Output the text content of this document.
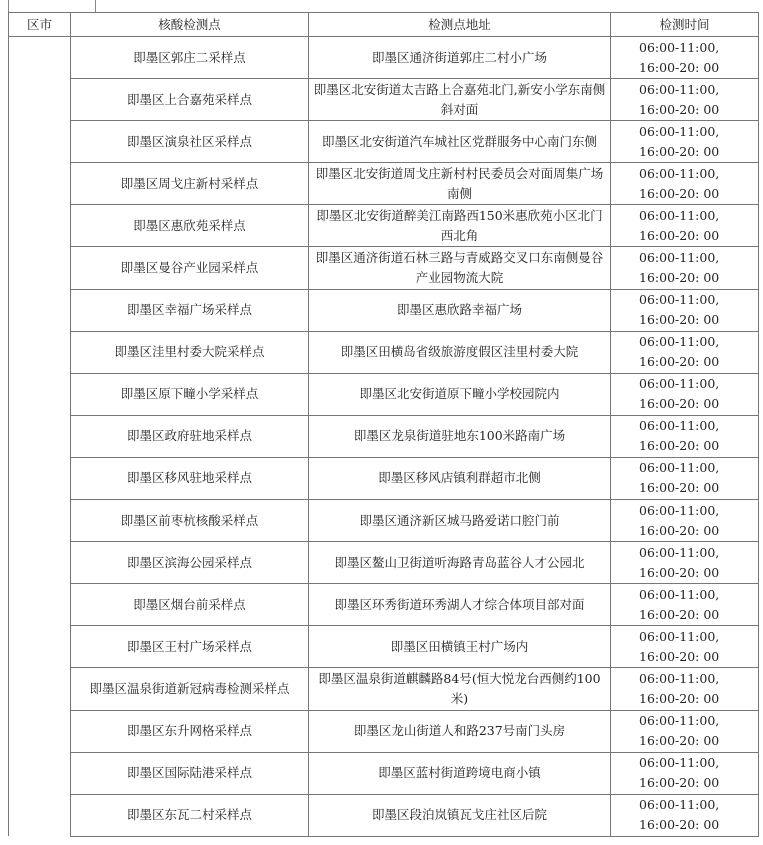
区市	核酸检测点	检测点地址	检测时间
	即墨区郭庄二采样点	即墨区通济街道郭庄二村小广场	06:00-11:00,
16:00-20: 00

	即墨区上合嘉苑采样点	即墨区北安街道太吉路上合嘉苑北门,新安小学东南侧斜对面	06:00-11:00,
16:00-20: 00

	即墨区演泉社区采样点	即墨区北安街道汽车城社区党群服务中心南门东侧	06:00-11:00,
16:00-20: 00

	即墨区周戈庄新村采样点	即墨区北安街道周戈庄新村村民委员会对面周集广场南侧	06:00-11:00,
16:00-20: 00

	即墨区惠欣苑采样点	即墨区北安街道醉美江南路西150米惠欣苑小区北门西北角	06:00-11:00,
16:00-20: 00

	即墨区曼谷产业园采样点	即墨区通济街道石林三路与青威路交叉口东南侧曼谷产业园物流大院	06:00-11:00,
16:00-20: 00

	即墨区幸福广场采样点	即墨区惠欣路幸福广场	06:00-11:00,
16:00-20: 00

	即墨区洼里村委大院采样点	即墨区田横岛省级旅游度假区洼里村委大院	06:00-11:00,
16:00-20: 00

	即墨区原下疃小学采样点	即墨区北安街道原下疃小学校园院内	06:00-11:00,
16:00-20: 00

	即墨区政府驻地采样点	即墨区龙泉街道驻地东100米路南广场	06:00-11:00,
16:00-20: 00

	即墨区移风驻地采样点	即墨区移风店镇利群超市北侧	06:00-11:00,
16:00-20: 00

	即墨区前枣杭核酸采样点	即墨区通济新区城马路爱诺口腔门前	06:00-11:00,
16:00-20: 00

	即墨区滨海公园采样点	即墨区鳌山卫街道听海路青岛蓝谷人才公园北	06:00-11:00,
16:00-20: 00

	即墨区烟台前采样点	即墨区环秀街道环秀湖人才综合体项目部对面	06:00-11:00,
16:00-20: 00

	即墨区王村广场采样点	即墨区田横镇王村广场内	06:00-11:00,
16:00-20: 00

	即墨区温泉街道新冠病毒检测采样点	即墨区温泉街道麒麟路84号(恒大悦龙台西侧约100米)	06:00-11:00,
16:00-20: 00

	即墨区东升网格采样点	即墨区龙山街道人和路237号南门头房	06:00-11:00,
16:00-20: 00

	即墨区国际陆港采样点	即墨区蓝村街道跨境电商小镇	06:00-11:00,
16:00-20: 00

	即墨区东瓦二村采样点	即墨区段泊岚镇瓦戈庄社区后院	06:00-11:00,
16:00-20: 00
